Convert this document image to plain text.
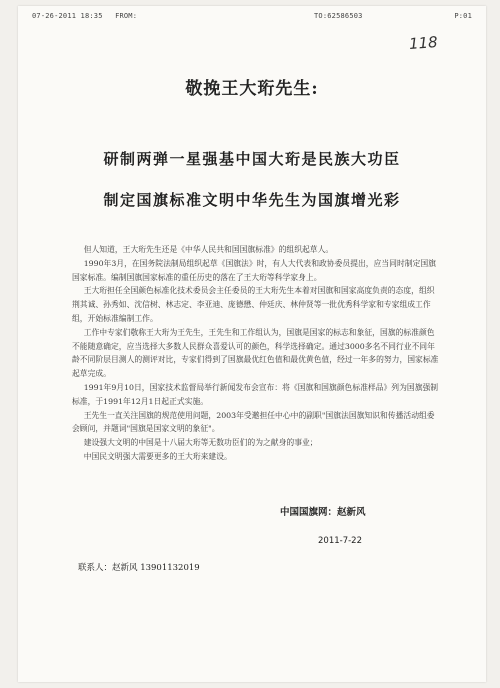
07-26-2011 18:35 FROM:	TO:62586503	P:01
118
敬挽王大珩先生:
研制两弹一星强基中国大珩是民族大功臣
制定国旗标准文明中华先生为国旗增光彩

但人知道，王大珩先生还是《中华人民共和国国旗标准》的组织起草人。

1990年3月，在国务院法制局组织起草《国旗法》时，有人大代表和政协委员提出，应当同时制定国旗国家标准。编制国旗国家标准的重任历史的落在了王大珩等科学家身上。

王大珩担任全国颜色标准化技术委员会主任委员的王大珩先生本着对国旗和国家高度负责的态度，组织荆其诚、孙秀如、沈信树、林志定、李亚迪、庞德懋、仲廷庆、林仲贤等一批优秀科学家和专家组成工作组，开始标准编制工作。

工作中专家们敬称王大珩为王先生，王先生和工作组认为，国旗是国家的标志和象征，国旗的标准颜色不能随意确定，应当选择大多数人民群众喜爱认可的颜色，科学选择确定。通过3000多名不同行业不同年龄不同阶层目测人的测评对比，专家们得到了国旗最优红色值和最优黄色值，经过一年多的努力，国家标准起草完成。

1991年9月10日，国家技术监督局举行新闻发布会宣布：将《国旗和国旗颜色标准样品》列为国旗强制标准，于1991年12月1日起正式实施。

王先生一直关注国旗的规范使用问题，2003年受邀担任中心中的副职"国旗法国旗知识和传播活动组委会顾问，并题词"国旗是国家文明的象征"。

建设强大文明的中国是十八届大珩等无数功臣们的为之献身的事业；

中国民文明强大需要更多的王大珩来建设。

中国国旗网：赵新风
2011-7-22
联系人：赵新风 13901132019
